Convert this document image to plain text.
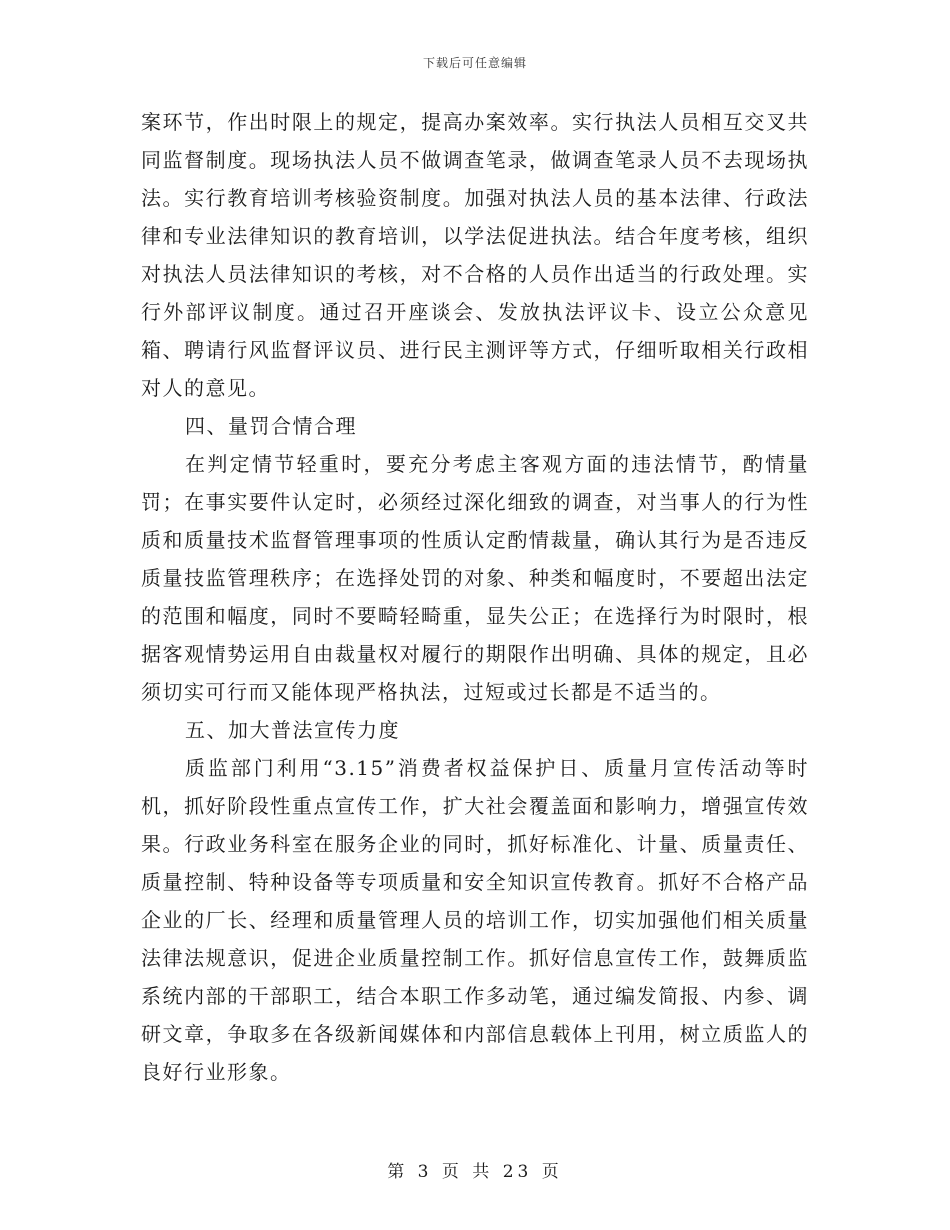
下载后可任意编辑

案环节，作出时限上的规定，提高办案效率。实行执法人员相互交叉共同监督制度。现场执法人员不做调查笔录，做调查笔录人员不去现场执法。实行教育培训考核验资制度。加强对执法人员的基本法律、行政法律和专业法律知识的教育培训，以学法促进执法。结合年度考核，组织对执法人员法律知识的考核，对不合格的人员作出适当的行政处理。实行外部评议制度。通过召开座谈会、发放执法评议卡、设立公众意见箱、聘请行风监督评议员、进行民主测评等方式，仔细听取相关行政相对人的意见。

四、量罚合情合理

在判定情节轻重时，要充分考虑主客观方面的违法情节，酌情量罚；在事实要件认定时，必须经过深化细致的调查，对当事人的行为性质和质量技术监督管理事项的性质认定酌情裁量，确认其行为是否违反质量技监管理秩序；在选择处罚的对象、种类和幅度时，不要超出法定的范围和幅度，同时不要畸轻畸重，显失公正；在选择行为时限时，根据客观情势运用自由裁量权对履行的期限作出明确、具体的规定，且必须切实可行而又能体现严格执法，过短或过长都是不适当的。

五、加大普法宣传力度

质监部门利用“3.15”消费者权益保护日、质量月宣传活动等时机，抓好阶段性重点宣传工作，扩大社会覆盖面和影响力，增强宣传效果。行政业务科室在服务企业的同时，抓好标准化、计量、质量责任、质量控制、特种设备等专项质量和安全知识宣传教育。抓好不合格产品企业的厂长、经理和质量管理人员的培训工作，切实加强他们相关质量法律法规意识，促进企业质量控制工作。抓好信息宣传工作，鼓舞质监系统内部的干部职工，结合本职工作多动笔，通过编发简报、内参、调研文章，争取多在各级新闻媒体和内部信息载体上刊用，树立质监人的良好行业形象。

第 3 页 共 23 页
